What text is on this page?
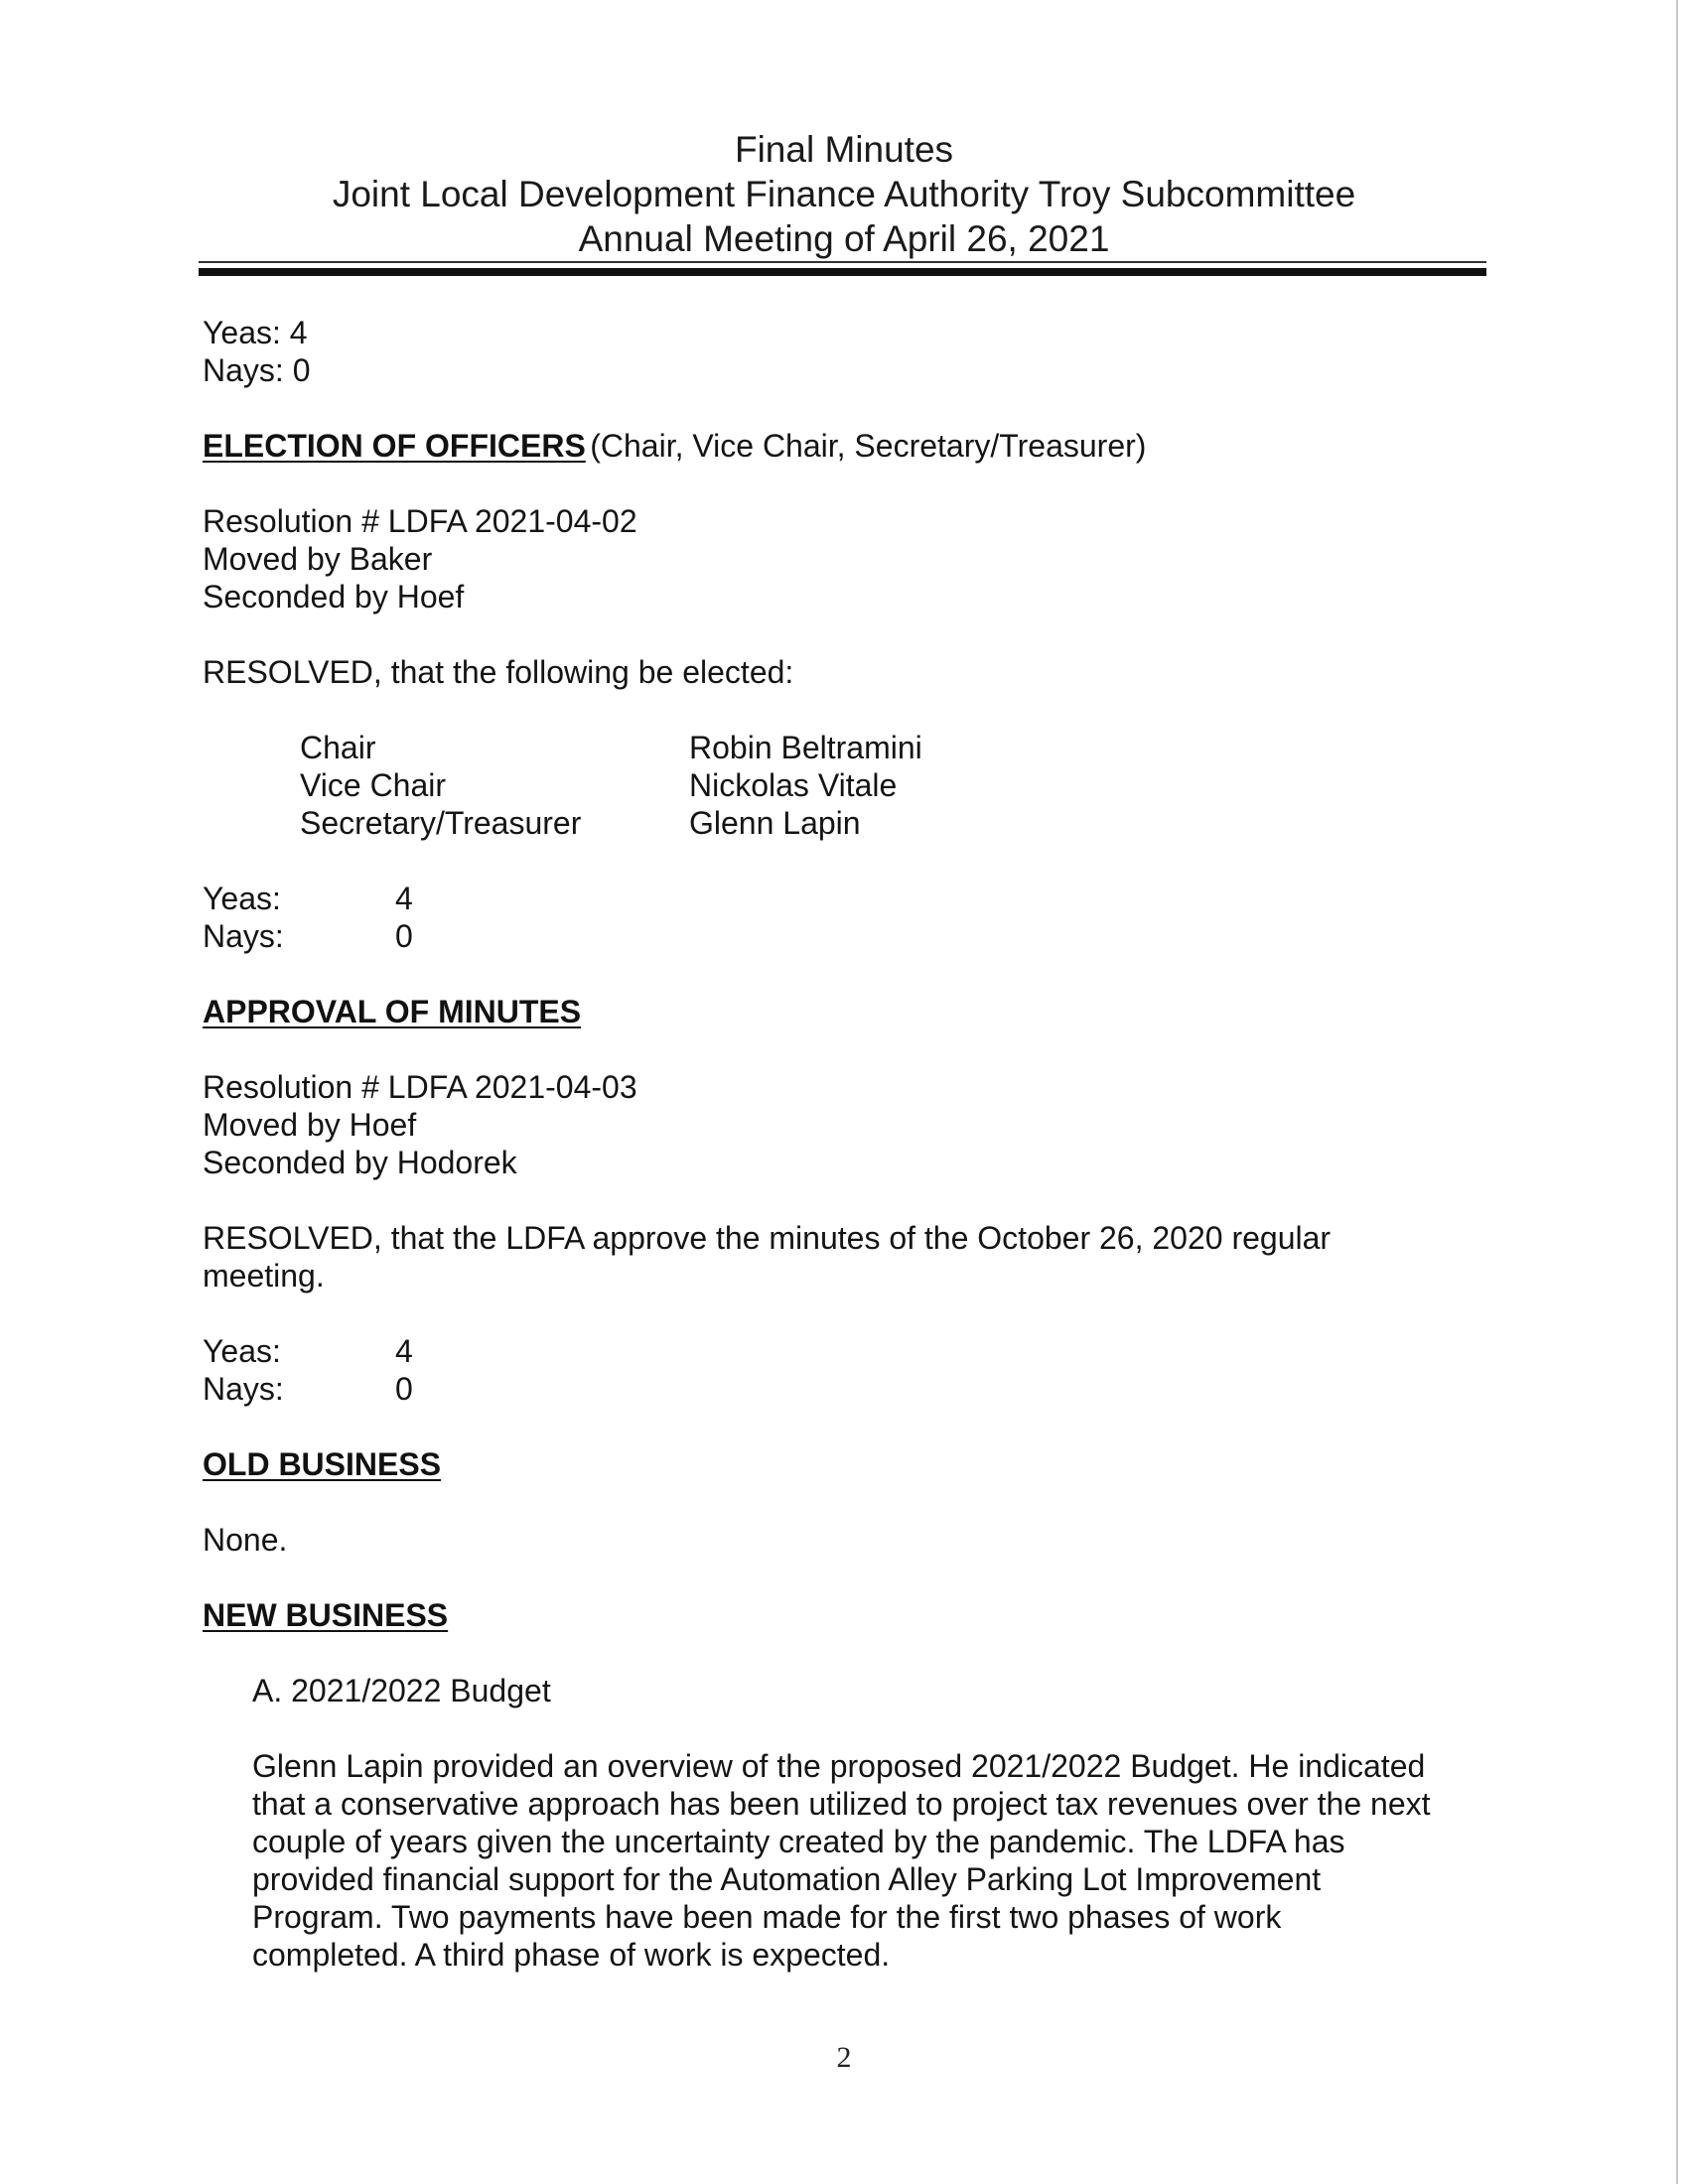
Final Minutes
Joint Local Development Finance Authority Troy Subcommittee
Annual Meeting of April 26, 2021
Yeas: 4
Nays: 0
ELECTION OF OFFICERS (Chair, Vice Chair, Secretary/Treasurer)
Resolution # LDFA 2021-04-02
Moved by Baker
Seconded by Hoef
RESOLVED, that the following be elected:
Chair	Robin Beltramini
Vice Chair	Nickolas Vitale
Secretary/Treasurer	Glenn Lapin
Yeas:	4
Nays:	0
APPROVAL OF MINUTES
Resolution # LDFA 2021-04-03
Moved by Hoef
Seconded by Hodorek
RESOLVED, that the LDFA approve the minutes of the October 26, 2020 regular
meeting.
Yeas:	4
Nays:	0
OLD BUSINESS
None.
NEW BUSINESS
A. 2021/2022 Budget
Glenn Lapin provided an overview of the proposed 2021/2022 Budget. He indicated
that a conservative approach has been utilized to project tax revenues over the next
couple of years given the uncertainty created by the pandemic. The LDFA has
provided financial support for the Automation Alley Parking Lot Improvement
Program. Two payments have been made for the first two phases of work
completed. A third phase of work is expected.
2
